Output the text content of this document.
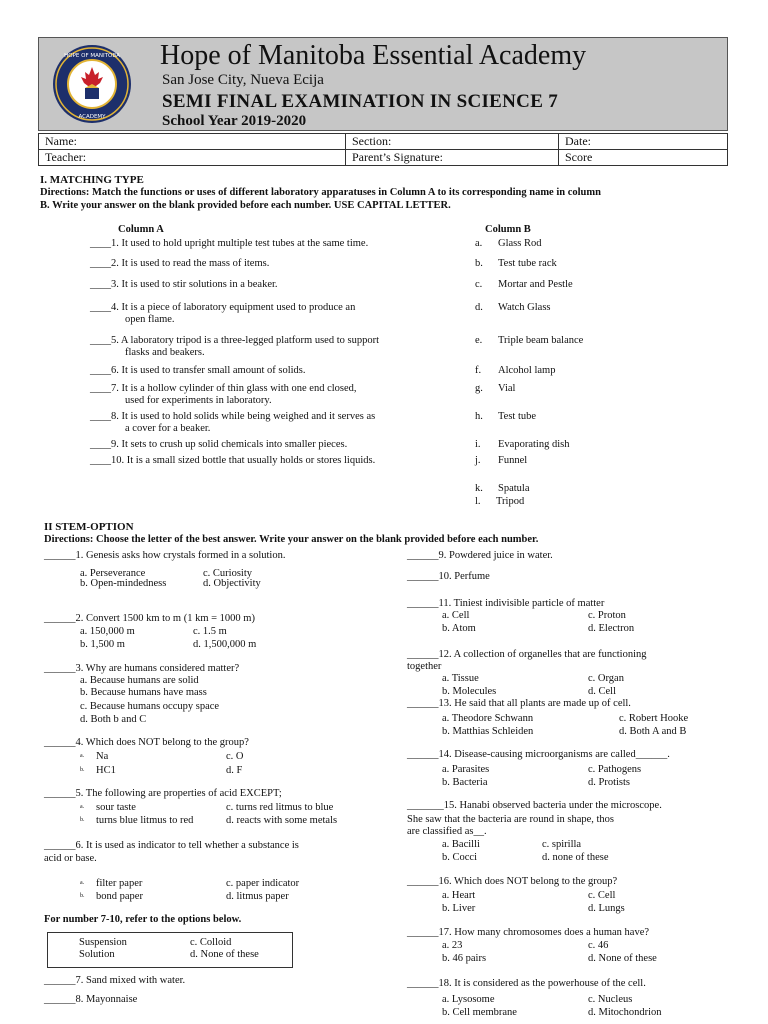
HOPE OF MANITOBA
ACADEMY
Hope of Manitoba Essential Academy
San Jose City, Nueva Ecija
SEMI FINAL EXAMINATION IN SCIENCE 7
School Year 2019-2020
Name:	Section:	Date:
Teacher:	Parent’s Signature:	Score
I. MATCHING TYPE
Directions: Match the functions or uses of different laboratory apparatuses in Column A to its corresponding name in column
B. Write your answer on the blank provided before each number. USE CAPITAL LETTER.
Column A	Column B
____1. It used to hold upright multiple test tubes at the same time.
____2. It is used to read the mass of items.
____3. It is used to stir solutions in a beaker.
____4. It is a piece of laboratory equipment used to produce an
open flame.
____5. A laboratory tripod is a three-legged platform used to support
flasks and beakers.
____6. It is used to transfer small amount of solids.
____7. It is a hollow cylinder of thin glass with one end closed,
used for experiments in laboratory.
____8. It is used to hold solids while being weighed and it serves as
a cover for a beaker.
____9. It sets to crush up solid chemicals into smaller pieces.
____10. It is a small sized bottle that usually holds or stores liquids.
a. Glass Rod
b. Test tube rack
c. Mortar and Pestle
d. Watch Glass
e. Triple beam balance
f. Alcohol lamp
g. Vial
h. Test tube
i. Evaporating dish
j. Funnel
k. Spatula
l. Tripod
II STEM-OPTION
Directions: Choose the letter of the best answer. Write your answer on the blank provided before each number.
______1. Genesis asks how crystals formed in a solution.
a. Perseverance	c. Curiosity
b. Open-mindedness	d. Objectivity
______2. Convert 1500 km to m (1 km = 1000 m)
a. 150,000 m	c. 1.5 m
b. 1,500 m	d. 1,500,000 m
______3. Why are humans considered matter?
a. Because humans are solid
b. Because humans have mass
c. Because humans occupy space
d. Both b and C
______4. Which does NOT belong to the group?
a. Na	c. O
b. HC1	d. F
______5. The following are properties of acid EXCEPT;
a. sour taste	c. turns red litmus to blue
b. turns blue litmus to red	d. reacts with some metals
______6. It is used as indicator to tell whether a substance is
acid or base.
a. filter paper	c. paper indicator
b. bond paper	d. litmus paper
For number 7-10, refer to the options below.
Suspension	c. Colloid
Solution	d. None of these
______7. Sand mixed with water.
______8. Mayonnaise
______9. Powdered juice in water.
______10. Perfume
______11. Tiniest indivisible particle of matter
a. Cell	c. Proton
b. Atom	d. Electron
______12. A collection of organelles that are functioning
together
a. Tissue	c. Organ
b. Molecules	d. Cell
______13. He said that all plants are made up of cell.
a. Theodore Schwann	c. Robert Hooke
b. Matthias Schleiden	d. Both A and B
______14. Disease-causing microorganisms are called______.
a. Parasites	c. Pathogens
b. Bacteria	d. Protists
_______15. Hanabi observed bacteria under the microscope.
She saw that the bacteria are round in shape, thos
are classified as__.
a. Bacilli	c. spirilla
b. Cocci	d. none of these
______16. Which does NOT belong to the group?
a. Heart	c. Cell
b. Liver	d. Lungs
______17. How many chromosomes does a human have?
a. 23	c. 46
b. 46 pairs	d. None of these
______18. It is considered as the powerhouse of the cell.
a. Lysosome	c. Nucleus
b. Cell membrane	d. Mitochondrion
